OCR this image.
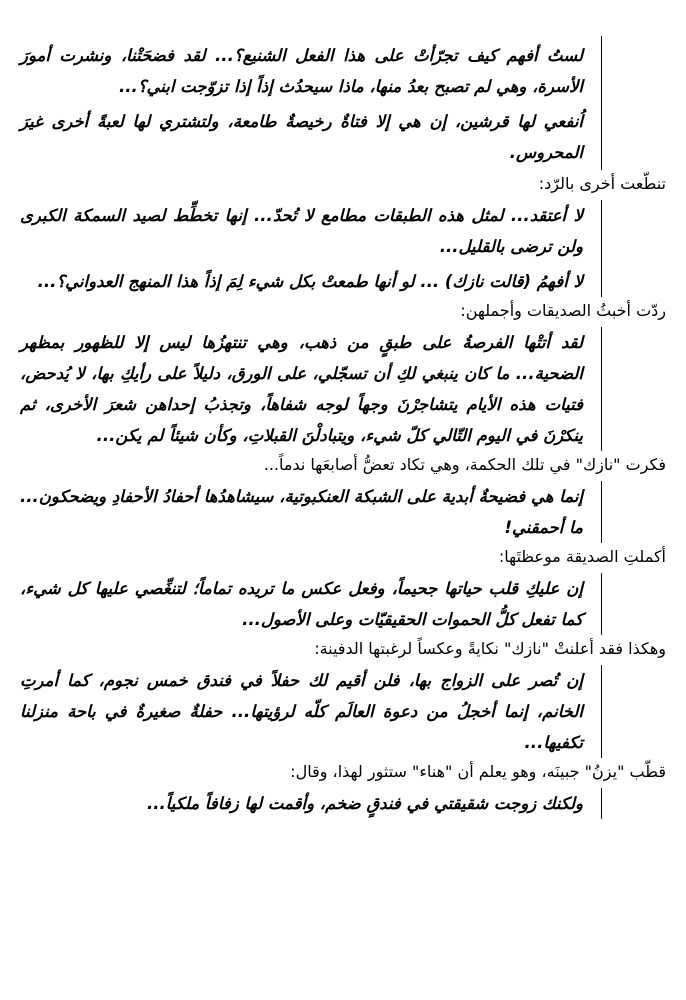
لستُ أفهم كيف تجرّأتْ على هذا الفعل الشنيع؟... لقد فضحَتْنا، ونشرت أمورَ الأسرة، وهي لم تصبح بعدُ منها، ماذا سيحدُث إذاً إذا تزوّجت ابني؟...

اُنفعي لها قرشين، إن هي إلا فتاةٌ رخيصةٌ طامعة، ولتشتري لها لعبةً أخرى غيرَ المحروس.

تنطّعت أخرى بالرّد:

لا أعتقد... لمثل هذه الطبقات مطامع لا تُحدّ... إنها تخطِّط لصيد السمكة الكبرى ولن ترضى بالقليل...

لا أفهمُ (قالت نازك) ... لو أنها طمعتْ بكل شيء لِمَ إذاً هذا المنهج العدواني؟...

ردّت أخبثُ الصديقات وأجملهن:

لقد أتتْها الفرصةُ على طبقٍ من ذهب، وهي تنتهزُها ليس إلا للظهور بمظهر الضحية... ما كان ينبغي لكِ أن تسجّلي، على الورق، دليلاً على رأيكِ بها، لا يُدحض، فتيات هذه الأيام يتشاجرْنَ وجهاً لوجه شفاهاً، وتجذبُ إحداهن شعرَ الأخرى، ثم ينكرْنَ في اليوم التّالي كلّ شيء، ويتبادلْنَ القبلاتِ، وكأن شيئاً لم يكن...

فكرت "نازك" في تلك الحكمة، وهي تكاد تعضُّ أصابعَها ندماً...

إنما هي فضيحةٌ أبدية على الشبكة العنكبوتية، سيشاهدُها أحفادُ الأحفادِ ويضحكون... ما أحمقني!

أكملتِ الصديقة موعظتَها:

إن عليكِ قلب حياتها جحيماً، وفعل عكس ما تريده تماماً؛ لتنغِّصي عليها كل شيء، كما تفعل كلُّ الحموات الحقيقيّات وعلى الأصول...

وهكذا فقد أعلنتْ "نازك" نكايةً وعكساً لرغبتها الدفينة:

إن تُصر على الزواج بها، فلن أقيم لك حفلاً في فندق خمس نجوم، كما أمرتِ الخانم، إنما أخجلُ من دعوة العالَم كلّه لرؤيتها... حفلةٌ صغيرةٌ في باحة منزلنا تكفيها...

قطّب "يزنُ" جبينَه، وهو يعلم أن "هناء" ستثور لهذا، وقال:

ولكنك زوجت شقيقتي في فندقٍ ضخم، وأقمت لها زفافاً ملكياً...
